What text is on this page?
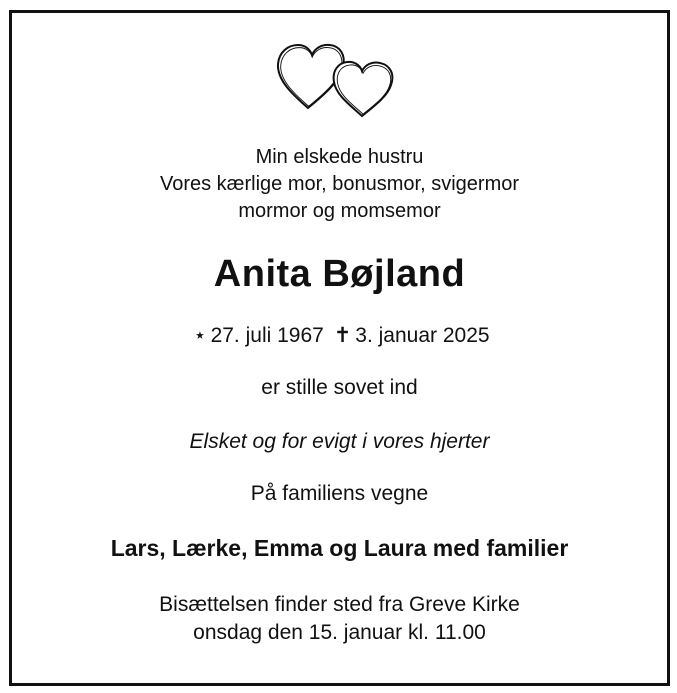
Min elskede hustru
Vores kærlige mor, bonusmor, svigermor
mormor og momsemor
Anita Bøjland
⋆ 27. juli 1967 ✝ 3. januar 2025
er stille sovet ind
Elsket og for evigt i vores hjerter
På familiens vegne
Lars, Lærke, Emma og Laura med familier
Bisættelsen finder sted fra Greve Kirke
onsdag den 15. januar kl. 11.00
